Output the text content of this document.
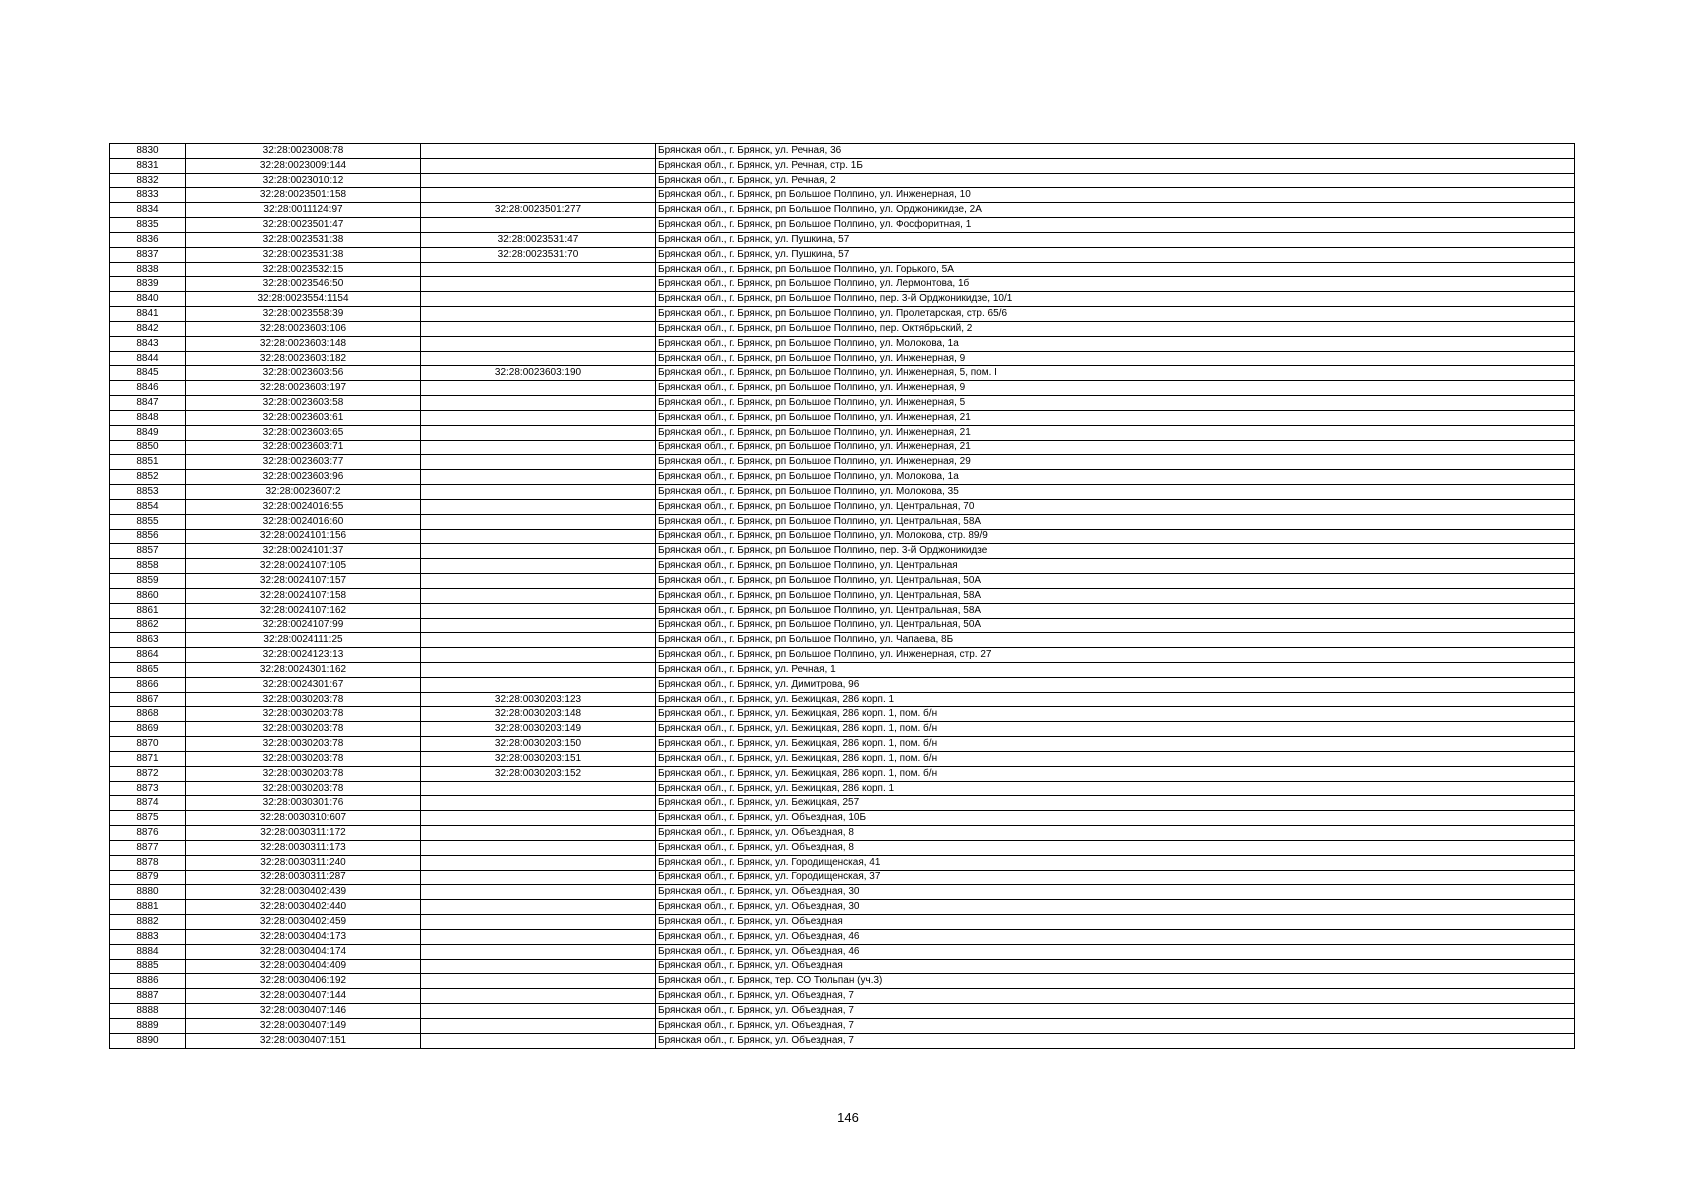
8830	32:28:0023008:78		Брянская обл., г. Брянск, ул. Речная, 36
8831	32:28:0023009:144		Брянская обл., г. Брянск, ул. Речная, стр. 1Б
8832	32:28:0023010:12		Брянская обл., г. Брянск, ул. Речная, 2
8833	32:28:0023501:158		Брянская обл., г. Брянск, рп Большое Полпино, ул. Инженерная, 10
8834	32:28:0011124:97	32:28:0023501:277	Брянская обл., г. Брянск, рп Большое Полпино, ул. Орджоникидзе, 2А
8835	32:28:0023501:47		Брянская обл., г. Брянск, рп Большое Полпино, ул. Фосфоритная, 1
8836	32:28:0023531:38	32:28:0023531:47	Брянская обл., г. Брянск, ул. Пушкина, 57
8837	32:28:0023531:38	32:28:0023531:70	Брянская обл., г. Брянск, ул. Пушкина, 57
8838	32:28:0023532:15		Брянская обл., г. Брянск, рп Большое Полпино, ул. Горького, 5А
8839	32:28:0023546:50		Брянская обл., г. Брянск, рп Большое Полпино, ул. Лермонтова, 1б
8840	32:28:0023554:1154		Брянская обл., г. Брянск, рп Большое Полпино, пер. 3-й Орджоникидзе, 10/1
8841	32:28:0023558:39		Брянская обл., г. Брянск, рп Большое Полпино, ул. Пролетарская, стр. 65/6
8842	32:28:0023603:106		Брянская обл., г. Брянск, рп Большое Полпино, пер. Октябрьский, 2
8843	32:28:0023603:148		Брянская обл., г. Брянск, рп Большое Полпино, ул. Молокова, 1а
8844	32:28:0023603:182		Брянская обл., г. Брянск, рп Большое Полпино, ул. Инженерная, 9
8845	32:28:0023603:56	32:28:0023603:190	Брянская обл., г. Брянск, рп Большое Полпино, ул. Инженерная, 5, пом. I
8846	32:28:0023603:197		Брянская обл., г. Брянск, рп Большое Полпино, ул. Инженерная, 9
8847	32:28:0023603:58		Брянская обл., г. Брянск, рп Большое Полпино, ул. Инженерная, 5
8848	32:28:0023603:61		Брянская обл., г. Брянск, рп Большое Полпино, ул. Инженерная, 21
8849	32:28:0023603:65		Брянская обл., г. Брянск, рп Большое Полпино, ул. Инженерная, 21
8850	32:28:0023603:71		Брянская обл., г. Брянск, рп Большое Полпино, ул. Инженерная, 21
8851	32:28:0023603:77		Брянская обл., г. Брянск, рп Большое Полпино, ул. Инженерная, 29
8852	32:28:0023603:96		Брянская обл., г. Брянск, рп Большое Полпино, ул. Молокова, 1а
8853	32:28:0023607:2		Брянская обл., г. Брянск, рп Большое Полпино, ул. Молокова, 35
8854	32:28:0024016:55		Брянская обл., г. Брянск, рп Большое Полпино, ул. Центральная, 70
8855	32:28:0024016:60		Брянская обл., г. Брянск, рп Большое Полпино, ул. Центральная, 58А
8856	32:28:0024101:156		Брянская обл., г. Брянск, рп Большое Полпино, ул. Молокова, стр. 89/9
8857	32:28:0024101:37		Брянская обл., г. Брянск, рп Большое Полпино, пер. 3-й Орджоникидзе
8858	32:28:0024107:105		Брянская обл., г. Брянск, рп Большое Полпино, ул. Центральная
8859	32:28:0024107:157		Брянская обл., г. Брянск, рп Большое Полпино, ул. Центральная, 50А
8860	32:28:0024107:158		Брянская обл., г. Брянск, рп Большое Полпино, ул. Центральная, 58А
8861	32:28:0024107:162		Брянская обл., г. Брянск, рп Большое Полпино, ул. Центральная, 58А
8862	32:28:0024107:99		Брянская обл., г. Брянск, рп Большое Полпино, ул. Центральная, 50А
8863	32:28:0024111:25		Брянская обл., г. Брянск, рп Большое Полпино, ул. Чапаева, 8Б
8864	32:28:0024123:13		Брянская обл., г. Брянск, рп Большое Полпино, ул. Инженерная, стр. 27
8865	32:28:0024301:162		Брянская обл., г. Брянск, ул. Речная, 1
8866	32:28:0024301:67		Брянская обл., г. Брянск, ул. Димитрова, 96
8867	32:28:0030203:78	32:28:0030203:123	Брянская обл., г. Брянск, ул. Бежицкая, 286 корп. 1
8868	32:28:0030203:78	32:28:0030203:148	Брянская обл., г. Брянск, ул. Бежицкая, 286 корп. 1, пом. б/н
8869	32:28:0030203:78	32:28:0030203:149	Брянская обл., г. Брянск, ул. Бежицкая, 286 корп. 1, пом. б/н
8870	32:28:0030203:78	32:28:0030203:150	Брянская обл., г. Брянск, ул. Бежицкая, 286 корп. 1, пом. б/н
8871	32:28:0030203:78	32:28:0030203:151	Брянская обл., г. Брянск, ул. Бежицкая, 286 корп. 1, пом. б/н
8872	32:28:0030203:78	32:28:0030203:152	Брянская обл., г. Брянск, ул. Бежицкая, 286 корп. 1, пом. б/н
8873	32:28:0030203:78		Брянская обл., г. Брянск, ул. Бежицкая, 286 корп. 1
8874	32:28:0030301:76		Брянская обл., г. Брянск, ул. Бежицкая, 257
8875	32:28:0030310:607		Брянская обл., г. Брянск, ул. Объездная, 10Б
8876	32:28:0030311:172		Брянская обл., г. Брянск, ул. Объездная, 8
8877	32:28:0030311:173		Брянская обл., г. Брянск, ул. Объездная, 8
8878	32:28:0030311:240		Брянская обл., г. Брянск, ул. Городищенская, 41
8879	32:28:0030311:287		Брянская обл., г. Брянск, ул. Городищенская, 37
8880	32:28:0030402:439		Брянская обл., г. Брянск, ул. Объездная, 30
8881	32:28:0030402:440		Брянская обл., г. Брянск, ул. Объездная, 30
8882	32:28:0030402:459		Брянская обл., г. Брянск, ул. Объездная
8883	32:28:0030404:173		Брянская обл., г. Брянск, ул. Объездная, 46
8884	32:28:0030404:174		Брянская обл., г. Брянск, ул. Объездная, 46
8885	32:28:0030404:409		Брянская обл., г. Брянск, ул. Объездная
8886	32:28:0030406:192		Брянская обл., г. Брянск, тер. СО Тюльпан (уч.3)
8887	32:28:0030407:144		Брянская обл., г. Брянск, ул. Объездная, 7
8888	32:28:0030407:146		Брянская обл., г. Брянск, ул. Объездная, 7
8889	32:28:0030407:149		Брянская обл., г. Брянск, ул. Объездная, 7
8890	32:28:0030407:151		Брянская обл., г. Брянск, ул. Объездная, 7
146
